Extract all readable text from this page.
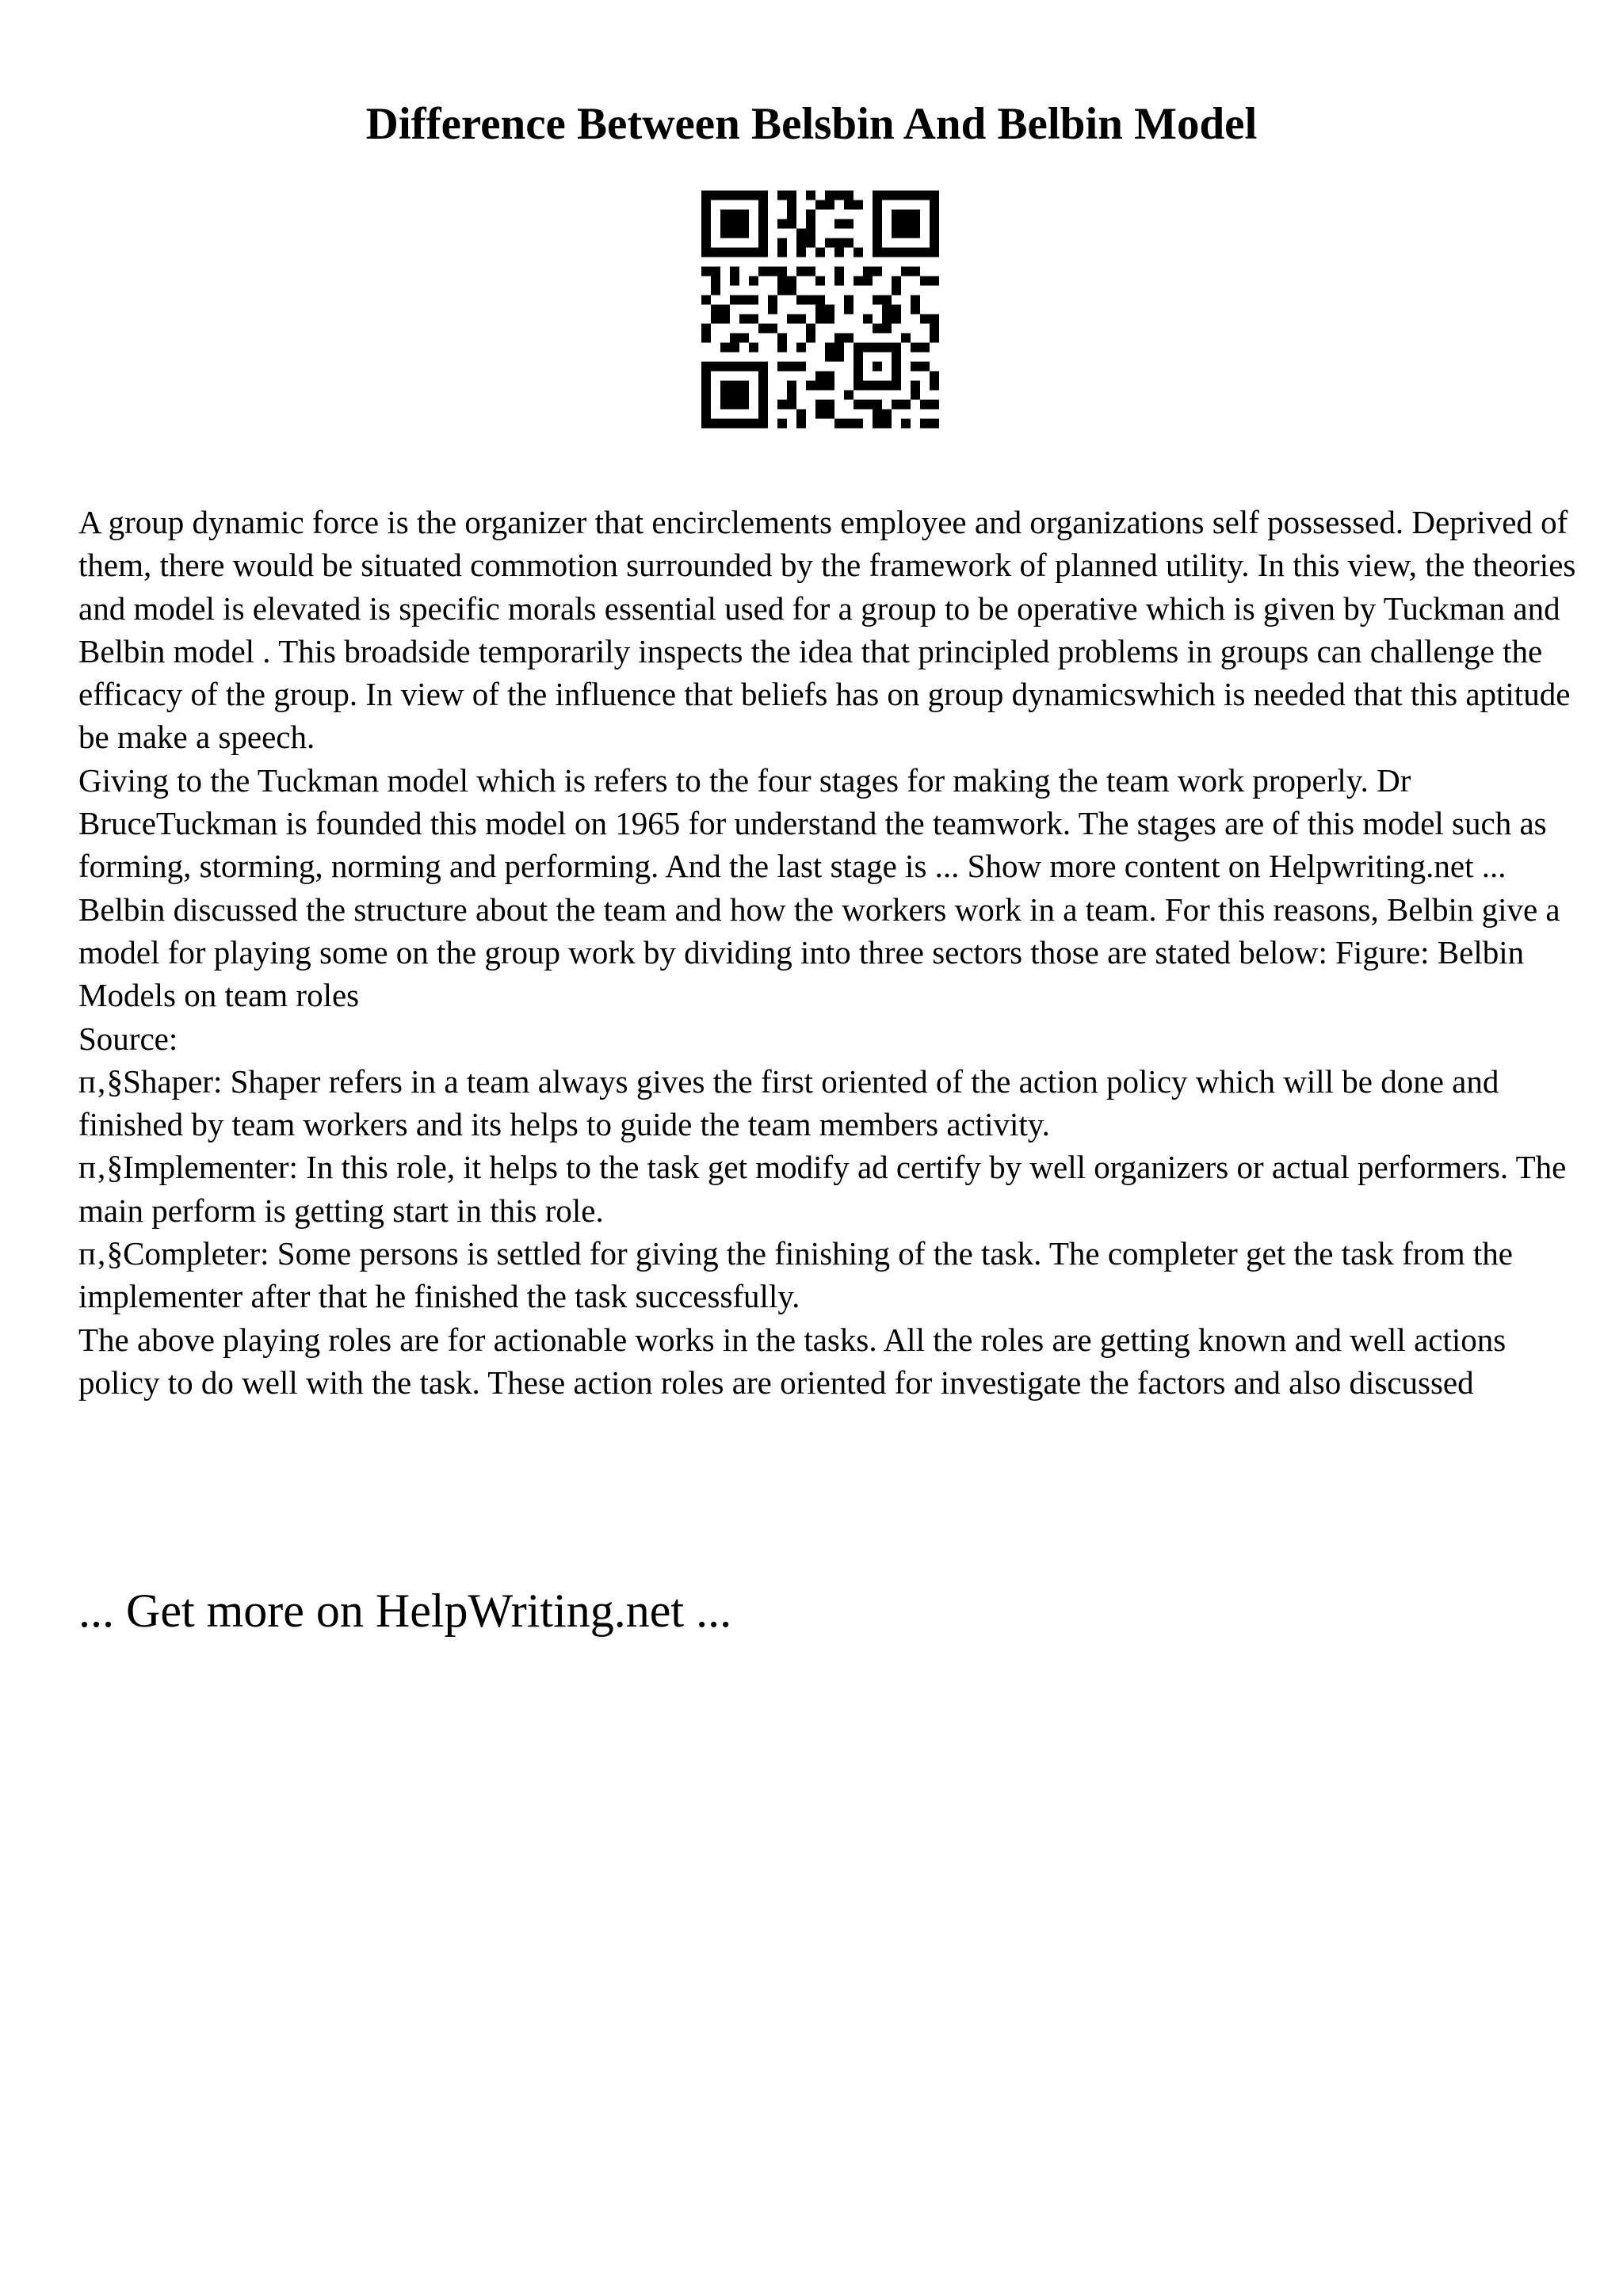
Difference Between Belsbin And Belbin Model

A group dynamic force is the organizer that encirclements employee and organizations self possessed. Deprived of them, there would be situated commotion surrounded by the framework of planned utility. In this view, the theories and model is elevated is specific morals essential used for a group to be operative which is given by Tuckman and Belbin model . This broadside temporarily inspects the idea that principled problems in groups can challenge the efficacy of the group. In view of the influence that beliefs has on group dynamicswhich is needed that this aptitude be make a speech.

Giving to the Tuckman model which is refers to the four stages for making the team work properly. Dr BruceTuckman is founded this model on 1965 for understand the teamwork. The stages are of this model such as forming, storming, norming and performing. And the last stage is ... Show more content on Helpwriting.net ...

Belbin discussed the structure about the team and how the workers work in a team. For this reasons, Belbin give a model for playing some on the group work by dividing into three sectors those are stated below: Figure: Belbin Models on team roles

Source:

п‚§Shaper: Shaper refers in a team always gives the first oriented of the action policy which will be done and finished by team workers and its helps to guide the team members activity.

п‚§Implementer: In this role, it helps to the task get modify ad certify by well organizers or actual performers. The main perform is getting start in this role.

п‚§Completer: Some persons is settled for giving the finishing of the task. The completer get the task from the implementer after that he finished the task successfully.

The above playing roles are for actionable works in the tasks. All the roles are getting known and well actions policy to do well with the task. These action roles are oriented for investigate the factors and also discussed

... Get more on HelpWriting.net ...
